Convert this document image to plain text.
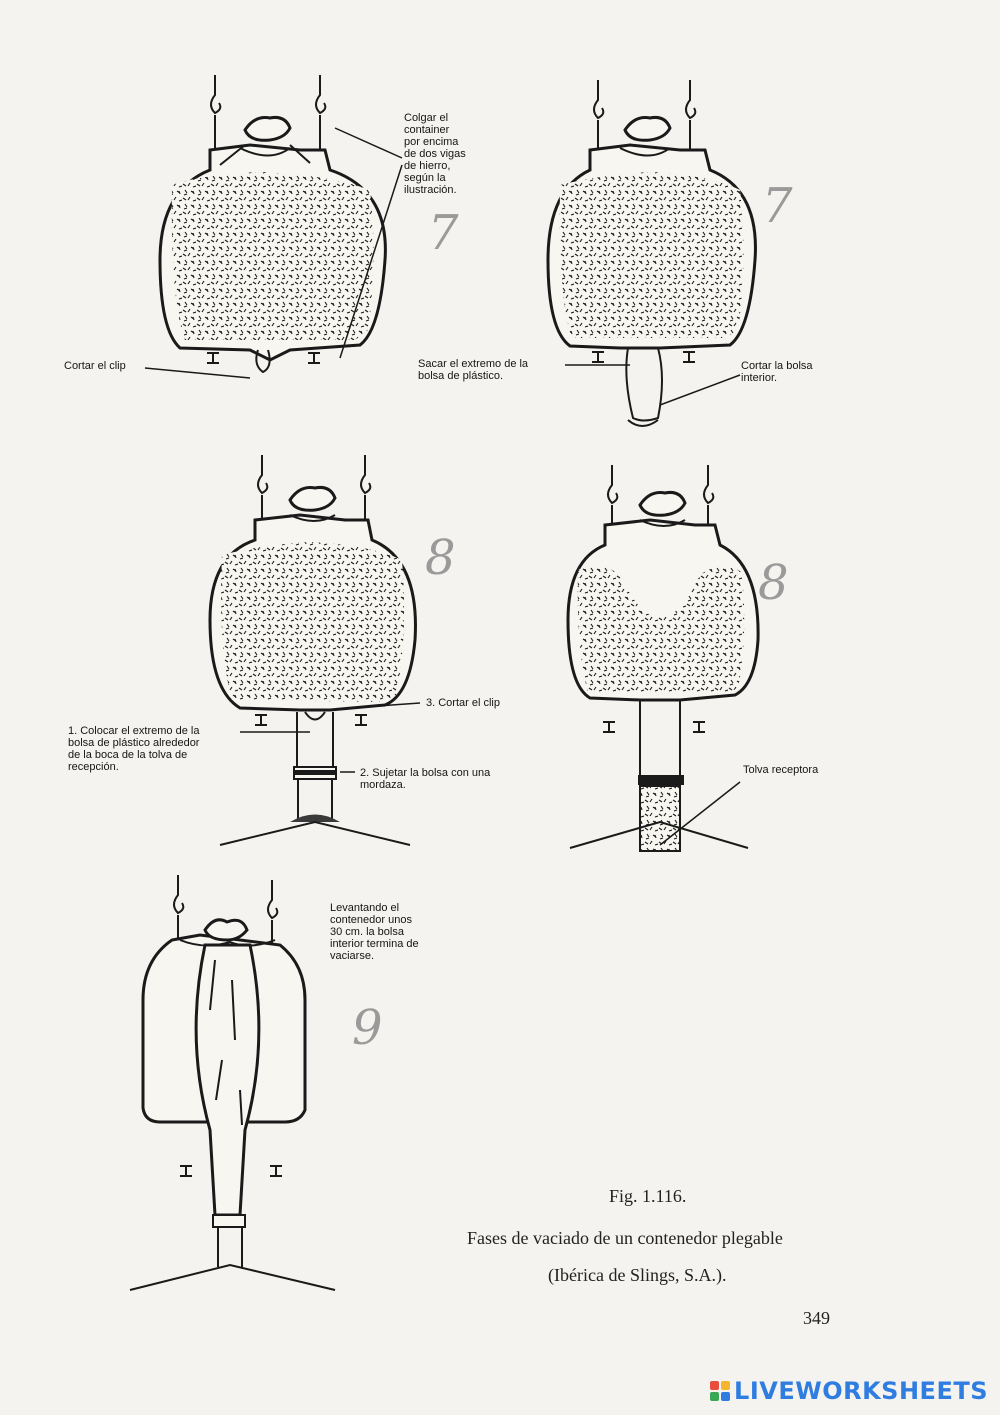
Colgar el
container
por encima
de dos vigas
de hierro,
según la
ilustración.
Cortar el clip	Sacar el extremo de la
bolsa de plástico.
Cortar la bolsa
interior.
1. Colocar el extremo de la
bolsa de plástico alrededor
de la boca de la tolva de
recepción.	2. Sujetar la bolsa con una
mordaza.
3. Cortar el clip
Tolva receptora
Levantando el
contenedor unos
30 cm. la bolsa
interior termina de
vaciarse.
7	7
8	8
9
Fig. 1.116.
Fases de vaciado de un contenedor plegable
(Ibérica de Slings, S.A.).
349
LIVEWORKSHEETS
